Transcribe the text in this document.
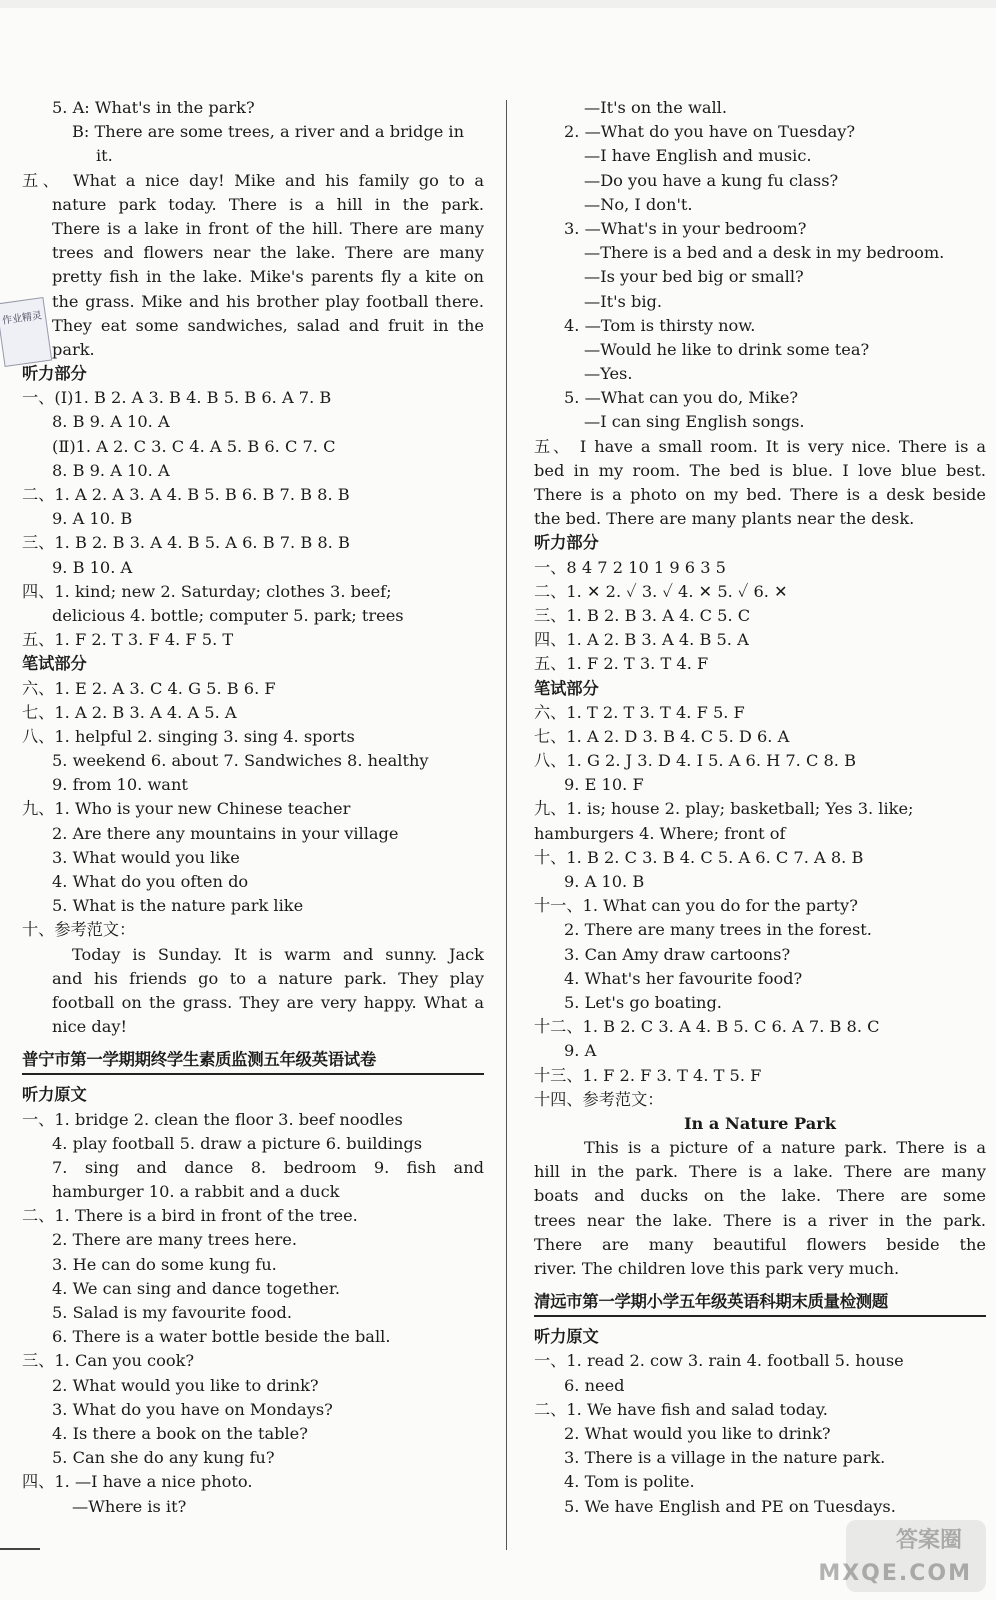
作业精灵
5. A: What's in the park?
B: There are some trees, a river and a bridge in
it.
五、 What a nice day! Mike and his family go to a
nature park today. There is a hill in the park.
There is a lake in front of the hill. There are many
trees and flowers near the lake. There are many
pretty fish in the lake. Mike's parents fly a kite on
the grass. Mike and his brother play football there.
They eat some sandwiches, salad and fruit in the
park.
听力部分
一、(Ⅰ)1. B 2. A 3. B 4. B 5. B 6. A 7. B
8. B 9. A 10. A
(Ⅱ)1. A 2. C 3. C 4. A 5. B 6. C 7. C
8. B 9. A 10. A
二、1. A 2. A 3. A 4. B 5. B 6. B 7. B 8. B
9. A 10. B
三、1. B 2. B 3. A 4. B 5. A 6. B 7. B 8. B
9. B 10. A
四、1. kind; new 2. Saturday; clothes 3. beef;
delicious 4. bottle; computer 5. park; trees
五、1. F 2. T 3. F 4. F 5. T
笔试部分
六、1. E 2. A 3. C 4. G 5. B 6. F
七、1. A 2. B 3. A 4. A 5. A
八、1. helpful 2. singing 3. sing 4. sports
5. weekend 6. about 7. Sandwiches 8. healthy
9. from 10. want
九、1. Who is your new Chinese teacher
2. Are there any mountains in your village
3. What would you like
4. What do you often do
5. What is the nature park like
十、参考范文：
Today is Sunday. It is warm and sunny. Jack
and his friends go to a nature park. They play
football on the grass. They are very happy. What a
nice day!
普宁市第一学期期终学生素质监测五年级英语试卷
听力原文
一、1. bridge 2. clean the floor 3. beef noodles
4. play football 5. draw a picture 6. buildings
7. sing and dance 8. bedroom 9. fish and
hamburger 10. a rabbit and a duck
二、1. There is a bird in front of the tree.
2. There are many trees here.
3. He can do some kung fu.
4. We can sing and dance together.
5. Salad is my favourite food.
6. There is a water bottle beside the ball.
三、1. Can you cook?
2. What would you like to drink?
3. What do you have on Mondays?
4. Is there a book on the table?
5. Can she do any kung fu?
四、1. —I have a nice photo.
—Where is it?
—It's on the wall.
2. —What do you have on Tuesday?
—I have English and music.
—Do you have a kung fu class?
—No, I don't.
3. —What's in your bedroom?
—There is a bed and a desk in my bedroom.
—Is your bed big or small?
—It's big.
4. —Tom is thirsty now.
—Would he like to drink some tea?
—Yes.
5. —What can you do, Mike?
—I can sing English songs.
五、 I have a small room. It is very nice. There is a
bed in my room. The bed is blue. I love blue best.
There is a photo on my bed. There is a desk beside
the bed. There are many plants near the desk.
听力部分
一、8 4 7 2 10 1 9 6 3 5
二、1. ✕ 2. ✓ 3. ✓ 4. ✕ 5. ✓ 6. ✕
三、1. B 2. B 3. A 4. C 5. C
四、1. A 2. B 3. A 4. B 5. A
五、1. F 2. T 3. T 4. F
笔试部分
六、1. T 2. T 3. T 4. F 5. F
七、1. A 2. D 3. B 4. C 5. D 6. A
八、1. G 2. J 3. D 4. I 5. A 6. H 7. C 8. B
9. E 10. F
九、1. is; house 2. play; basketball; Yes 3. like;
hamburgers 4. Where; front of
十、1. B 2. C 3. B 4. C 5. A 6. C 7. A 8. B
9. A 10. B
十一、1. What can you do for the party?
2. There are many trees in the forest.
3. Can Amy draw cartoons?
4. What's her favourite food?
5. Let's go boating.
十二、1. B 2. C 3. A 4. B 5. C 6. A 7. B 8. C
9. A
十三、1. F 2. F 3. T 4. T 5. F
十四、参考范文：
In a Nature Park
This is a picture of a nature park. There is a
hill in the park. There is a lake. There are many
boats and ducks on the lake. There are some
trees near the lake. There is a river in the park.
There are many beautiful flowers beside the
river. The children love this park very much.
清远市第一学期小学五年级英语科期末质量检测题
听力原文
一、1. read 2. cow 3. rain 4. football 5. house
6. need
二、1. We have fish and salad today.
2. What would you like to drink?
3. There is a village in the nature park.
4. Tom is polite.
5. We have English and PE on Tuesdays.
答案圈
MXQE.COM
